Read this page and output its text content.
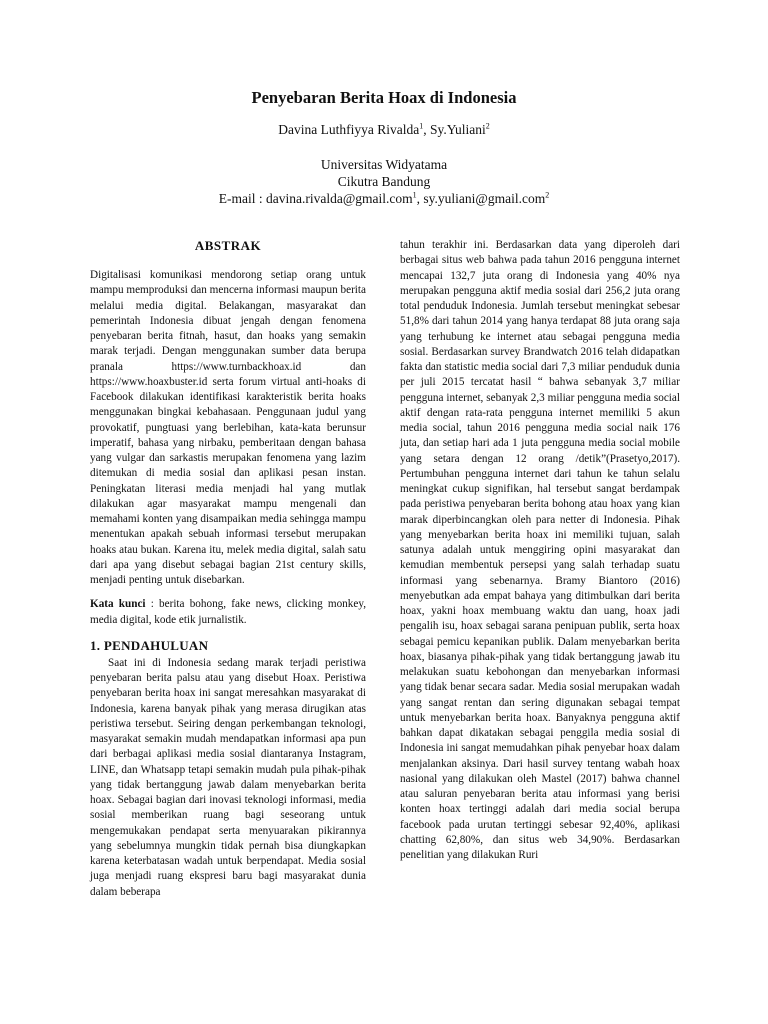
Penyebaran Berita Hoax di Indonesia
Davina Luthfiyya Rivalda$^1$, Sy.Yuliani$^2$
Universitas Widyatama
Cikutra Bandung
E-mail : davina.rivalda@gmail.com$^1$, sy.yuliani@gmail.com$^2$
ABSTRAK

Digitalisasi komunikasi mendorong setiap orang untuk mampu memproduksi dan mencerna informasi maupun berita melalui media digital. Belakangan, masyarakat dan pemerintah Indonesia dibuat jengah dengan fenomena penyebaran berita fitnah, hasut, dan hoaks yang semakin marak terjadi. Dengan menggunakan sumber data berupa pranala https://www.turnbackhoax.id dan https://www.hoaxbuster.id serta forum virtual anti-hoaks di Facebook dilakukan identifikasi karakteristik berita hoaks menggunakan bingkai kebahasaan. Penggunaan judul yang provokatif, pungtuasi yang berlebihan, kata-kata berunsur imperatif, bahasa yang nirbaku, pemberitaan dengan bahasa yang vulgar dan sarkastis merupakan fenomena yang lazim ditemukan di media sosial dan aplikasi pesan instan. Peningkatan literasi media menjadi hal yang mutlak dilakukan agar masyarakat mampu mengenali dan memahami konten yang disampaikan media sehingga mampu menentukan apakah sebuah informasi tersebut merupakan hoaks atau bukan. Karena itu, melek media digital, salah satu dari apa yang disebut sebagai bagian 21st century skills, menjadi penting untuk disebarkan.

Kata kunci : berita bohong, fake news, clicking monkey, media digital, kode etik jurnalistik.

1. PENDAHULUAN

Saat ini di Indonesia sedang marak terjadi peristiwa penyebaran berita palsu atau yang disebut Hoax. Peristiwa penyebaran berita hoax ini sangat meresahkan masyarakat di Indonesia, karena banyak pihak yang merasa dirugikan atas peristiwa tersebut. Seiring dengan perkembangan teknologi, masyarakat semakin mudah mendapatkan informasi apa pun dari berbagai aplikasi media sosial diantaranya Instagram, LINE, dan Whatsapp tetapi semakin mudah pula pihak-pihak yang tidak bertanggung jawab dalam menyebarkan berita hoax. Sebagai bagian dari inovasi teknologi informasi, media sosial memberikan ruang bagi seseorang untuk mengemukakan pendapat serta menyuarakan pikirannya yang sebelumnya mungkin tidak pernah bisa diungkapkan karena keterbatasan wadah untuk berpendapat. Media sosial juga menjadi ruang ekspresi baru bagi masyarakat dunia dalam beberapa

tahun terakhir ini. Berdasarkan data yang diperoleh dari berbagai situs web bahwa pada tahun 2016 pengguna internet mencapai 132,7 juta orang di Indonesia yang 40% nya merupakan pengguna aktif media sosial dari 256,2 juta orang total penduduk Indonesia. Jumlah tersebut meningkat sebesar 51,8% dari tahun 2014 yang hanya terdapat 88 juta orang saja yang terhubung ke internet atau sebagai pengguna media sosial. Berdasarkan survey Brandwatch 2016 telah didapatkan fakta dan statistic media social dari 7,3 miliar penduduk dunia per juli 2015 tercatat hasil “ bahwa sebanyak 3,7 miliar pengguna internet, sebanyak 2,3 miliar pengguna media social aktif dengan rata-rata pengguna internet memiliki 5 akun media social, tahun 2016 pengguna media social naik 176 juta, dan setiap hari ada 1 juta pengguna media social mobile yang setara dengan 12 orang /detik”(Prasetyo,2017). Pertumbuhan pengguna internet dari tahun ke tahun selalu meningkat cukup signifikan, hal tersebut sangat berdampak pada peristiwa penyebaran berita bohong atau hoax yang kian marak diperbincangkan oleh para netter di Indonesia. Pihak yang menyebarkan berita hoax ini memiliki tujuan, salah satunya adalah untuk menggiring opini masyarakat dan kemudian membentuk persepsi yang salah terhadap suatu informasi yang sebenarnya. Bramy Biantoro (2016) menyebutkan ada empat bahaya yang ditimbulkan dari berita hoax, yakni hoax membuang waktu dan uang, hoax jadi pengalih isu, hoax sebagai sarana penipuan publik, serta hoax sebagai pemicu kepanikan publik. Dalam menyebarkan berita hoax, biasanya pihak-pihak yang tidak bertanggung jawab itu melakukan suatu kebohongan dan menyebarkan informasi yang tidak benar secara sadar. Media sosial merupakan wadah yang sangat rentan dan sering digunakan sebagai tempat untuk menyebarkan berita hoax. Banyaknya pengguna aktif bahkan dapat dikatakan sebagai penggila media sosial di Indonesia ini sangat memudahkan pihak penyebar hoax dalam menjalankan aksinya. Dari hasil survey tentang wabah hoax nasional yang dilakukan oleh Mastel (2017) bahwa channel atau saluran penyebaran berita atau informasi yang berisi konten hoax tertinggi adalah dari media social berupa facebook pada urutan tertinggi sebesar 92,40%, aplikasi chatting 62,80%, dan situs web 34,90%. Berdasarkan penelitian yang dilakukan Ruri
